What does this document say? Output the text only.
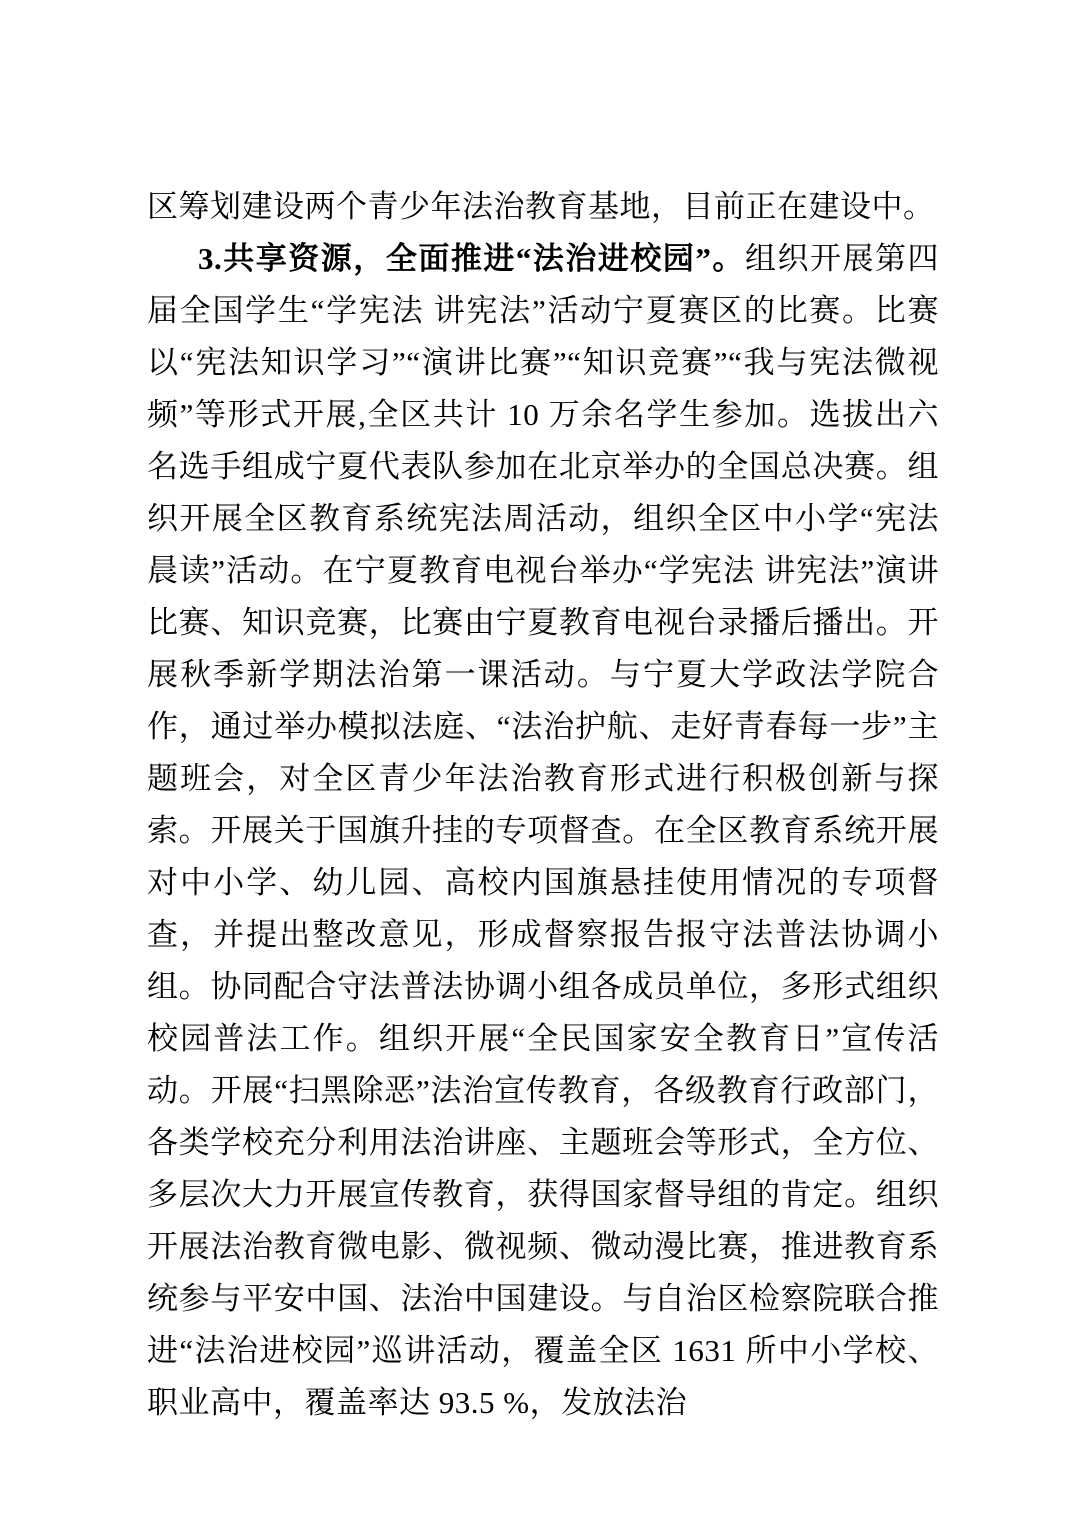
区筹划建设两个青少年法治教育基地，目前正在建设中。

3.共享资源，全面推进“法治进校园”。组织开展第四届全国学生“学宪法 讲宪法”活动宁夏赛区的比赛。比赛以“宪法知识学习”“演讲比赛”“知识竞赛”“我与宪法微视频”等形式开展,全区共计 10 万余名学生参加。选拔出六名选手组成宁夏代表队参加在北京举办的全国总决赛。组织开展全区教育系统宪法周活动，组织全区中小学“宪法晨读”活动。在宁夏教育电视台举办“学宪法 讲宪法”演讲比赛、知识竞赛，比赛由宁夏教育电视台录播后播出。开展秋季新学期法治第一课活动。与宁夏大学政法学院合作，通过举办模拟法庭、“法治护航、走好青春每一步”主题班会，对全区青少年法治教育形式进行积极创新与探索。开展关于国旗升挂的专项督查。在全区教育系统开展对中小学、幼儿园、高校内国旗悬挂使用情况的专项督查，并提出整改意见，形成督察报告报守法普法协调小组。协同配合守法普法协调小组各成员单位，多形式组织校园普法工作。组织开展“全民国家安全教育日”宣传活动。开展“扫黑除恶”法治宣传教育，各级教育行政部门，各类学校充分利用法治讲座、主题班会等形式，全方位、多层次大力开展宣传教育，获得国家督导组的肯定。组织开展法治教育微电影、微视频、微动漫比赛，推进教育系统参与平安中国、法治中国建设。与自治区检察院联合推进“法治进校园”巡讲活动，覆盖全区 1631 所中小学校、职业高中，覆盖率达 93.5 %，发放法治
